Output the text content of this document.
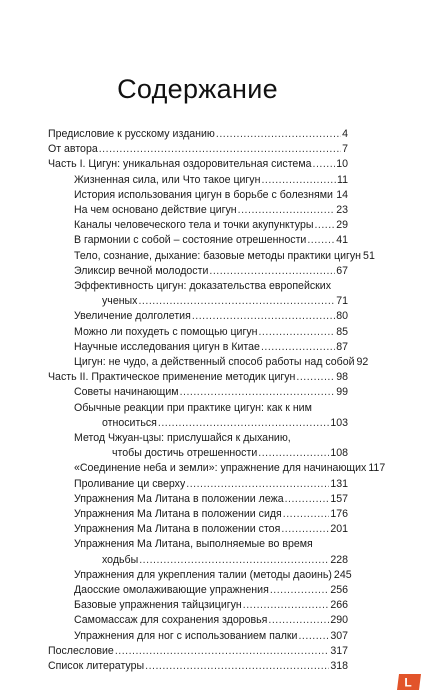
Содержание
Предисловие к русскому изданию .....	4
От автора .....	7
Часть I. Цигун: уникальная оздоровительная система ..... 10
Жизненная сила, или Что такое цигун .....	11
История использования цигун в борьбе с болезнями ..... 14
На чем основано действие цигун .....	23
Каналы человеческого тела и точки акупунктуры ..... 29
В гармонии с собой – состояние отрешенности .....	41
Тело, сознание, дыхание: базовые методы практики цигун 51
Эликсир вечной молодости .....	67
Эффективность цигун: доказательства европейских
ученых .....	71
Увеличение долголетия .....	80
Можно ли похудеть с помощью цигун .....	85
Научные исследования цигун в Китае .....	87
Цигун: не чудо, а действенный способ работы над собой 92
Часть II. Практическое применение методик цигун .....	98
Советы начинающим .....	99
Обычные реакции при практике цигун: как к ним
относиться .....	103
Метод Чжуан-цзы: прислушайся к дыханию,
чтобы достичь отрешенности .....	108
«Соединение неба и земли»: упражнение для начинающих 117
Проливание ци сверху .....	131
Упражнения Ма Литана в положении лежа .....	157
Упражнения Ма Литана в положении сидя .....	176
Упражнения Ма Литана в положении стоя .....	201
Упражнения Ма Литана, выполняемые во время
ходьбы .....	228
Упражнения для укрепления талии (методы даоинь) 245
Даосские омолаживающие упражнения .....	256
Базовые упражнения тайцзицигун .....	266
Самомассаж для сохранения здоровья .....	290
Упражнения для ног с использованием палки .....	307
Послесловие .....	317
Список литературы .....	318
L
